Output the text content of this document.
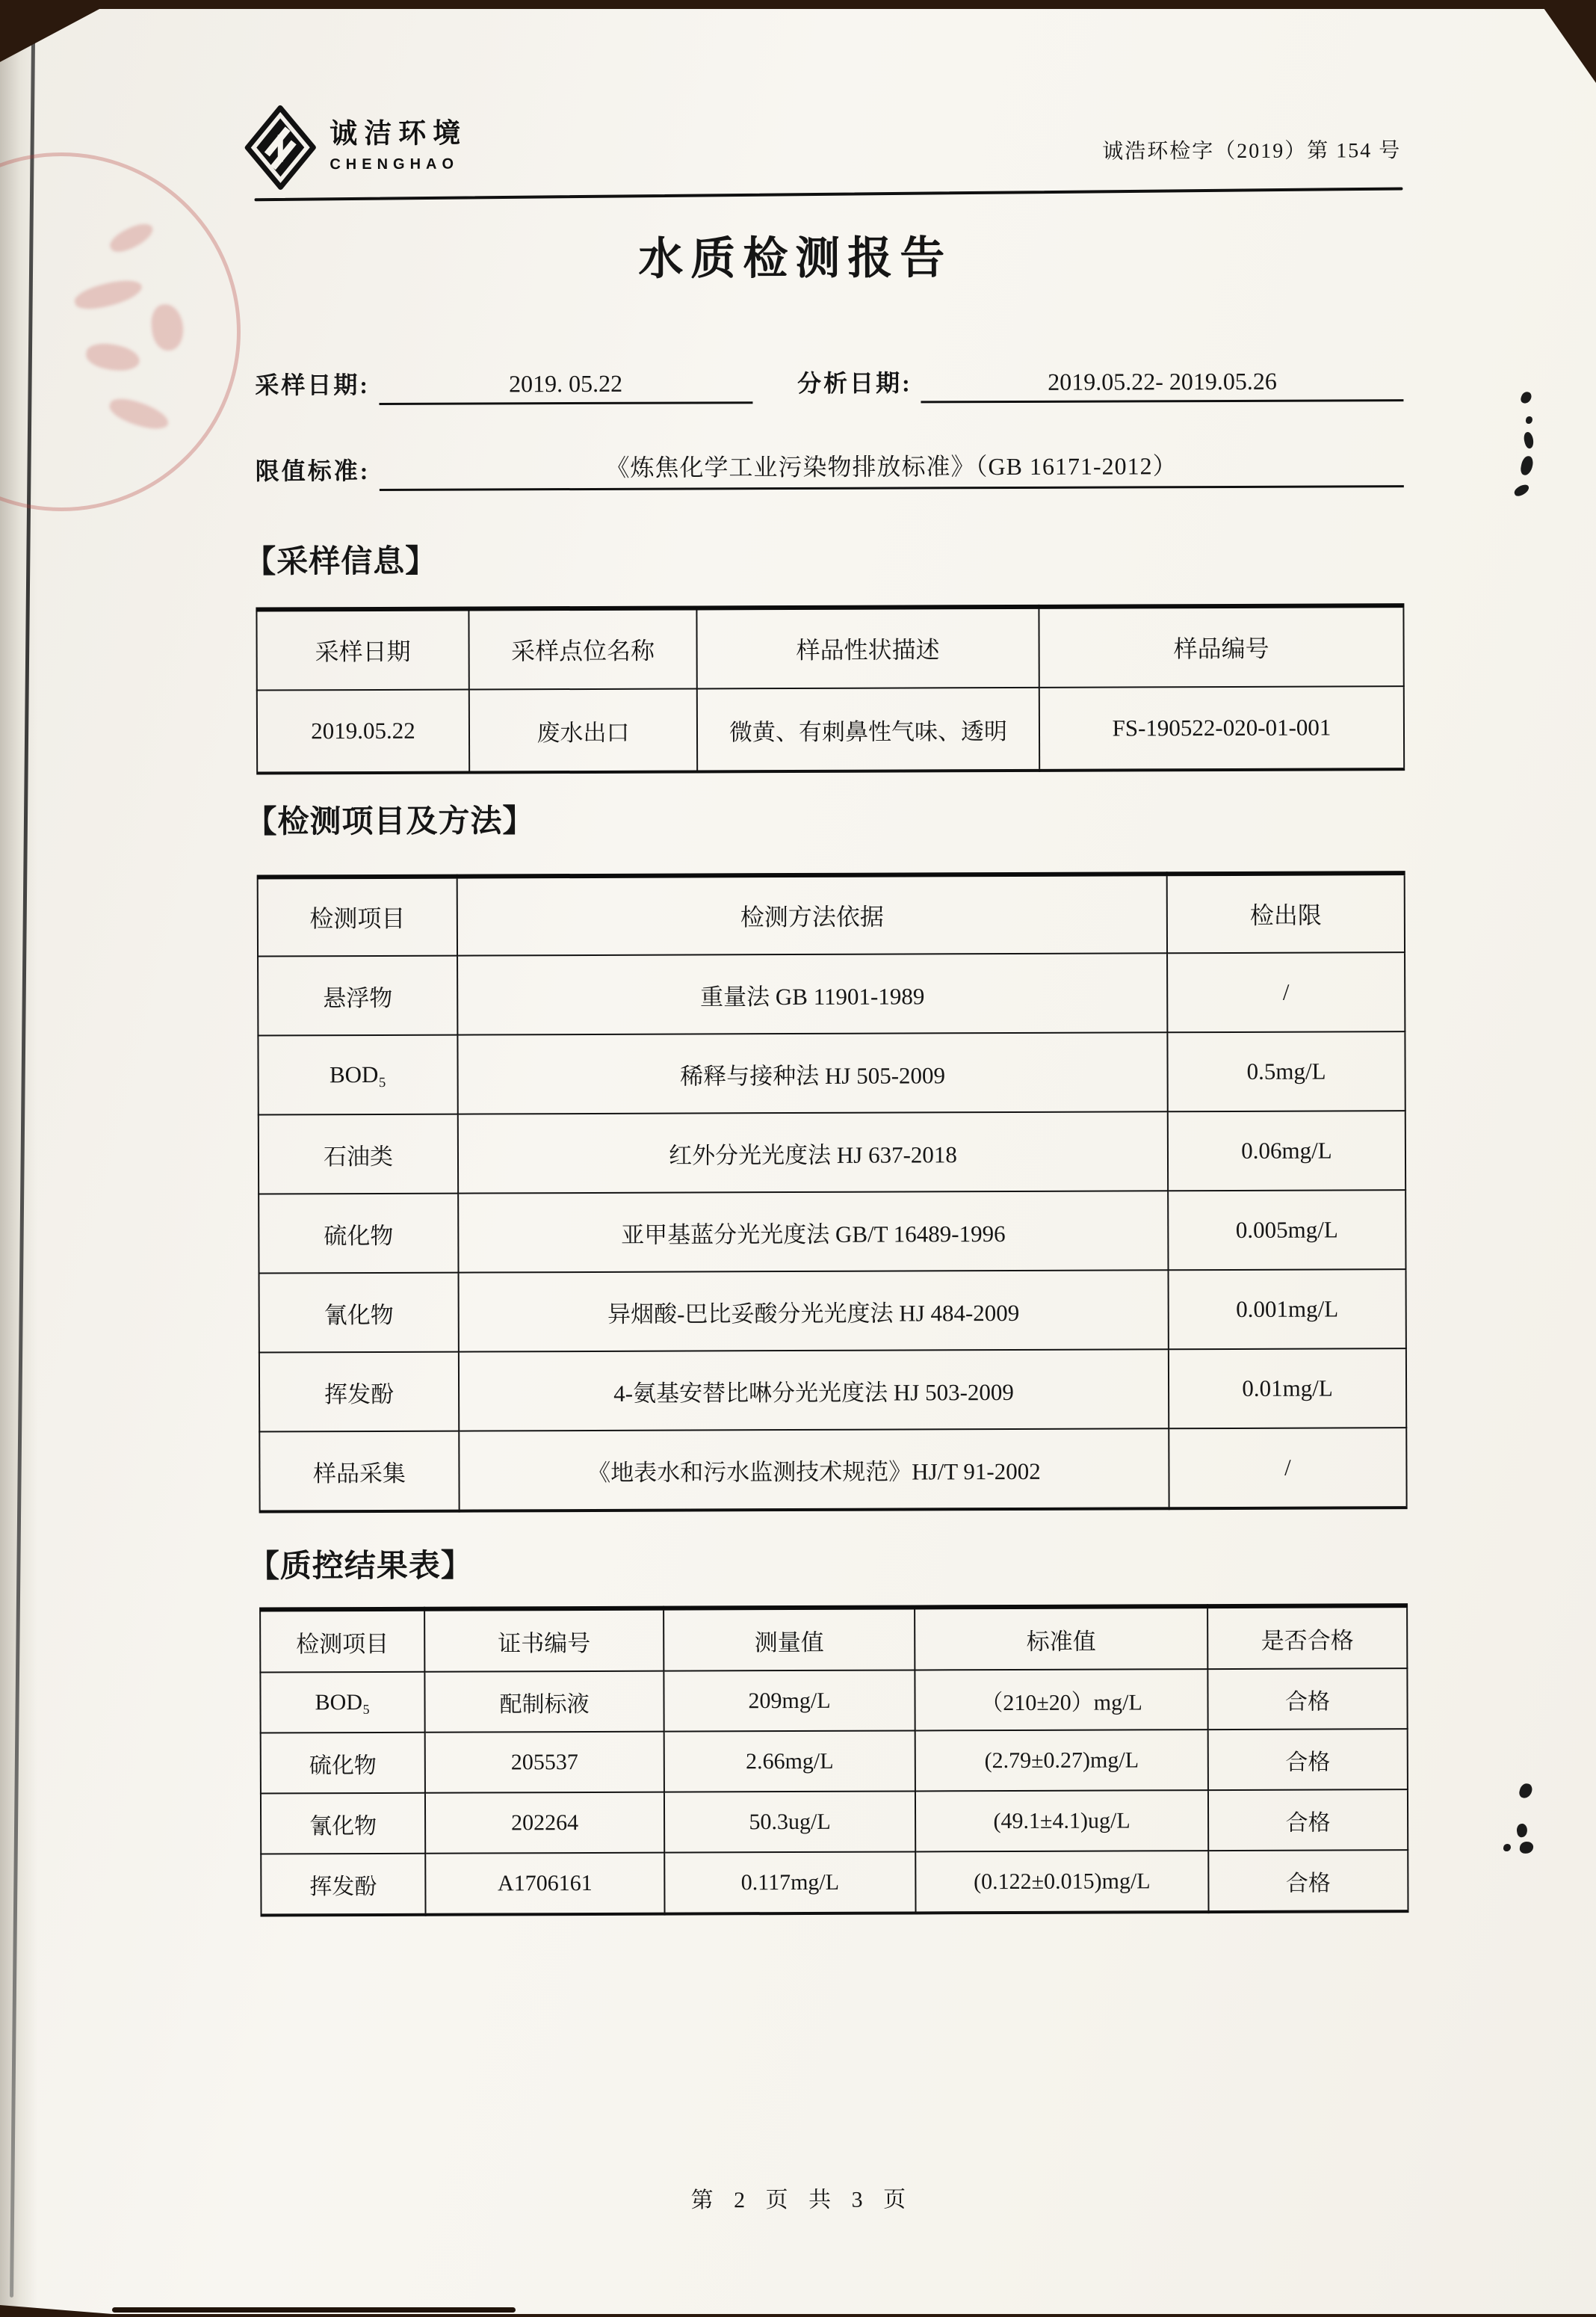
诚洁环境
CHENGHAO
诚浩环检字（2019）第 154 号
水质检测报告
采样日期:	2019. 05.22	分析日期:	2019.05.22- 2019.05.26
限值标准:	《炼焦化学工业污染物排放标准》（GB 16171-2012）
【采样信息】
采样日期	采样点位名称	样品性状描述	样品编号
2019.05.22	废水出口	微黄、有刺鼻性气味、透明	FS-190522-020-01-001
【检测项目及方法】
检测项目	检测方法依据	检出限
悬浮物	重量法 GB 11901-1989	/
BOD₅	稀释与接种法 HJ 505-2009	0.5mg/L
石油类	红外分光光度法 HJ 637-2018	0.06mg/L
硫化物	亚甲基蓝分光光度法 GB/T 16489-1996	0.005mg/L
氰化物	异烟酸-巴比妥酸分光光度法 HJ 484-2009	0.001mg/L
挥发酚	4-氨基安替比啉分光光度法 HJ 503-2009	0.01mg/L
样品采集	《地表水和污水监测技术规范》HJ/T 91-2002	/
【质控结果表】
检测项目	证书编号	测量值	标准值	是否合格
BOD₅	配制标液	209mg/L	（210±20）mg/L	合格
硫化物	205537	2.66mg/L	(2.79±0.27)mg/L	合格
氰化物	202264	50.3ug/L	(49.1±4.1)ug/L	合格
挥发酚	A1706161	0.117mg/L	(0.122±0.015)mg/L	合格
第 2 页 共 3 页
